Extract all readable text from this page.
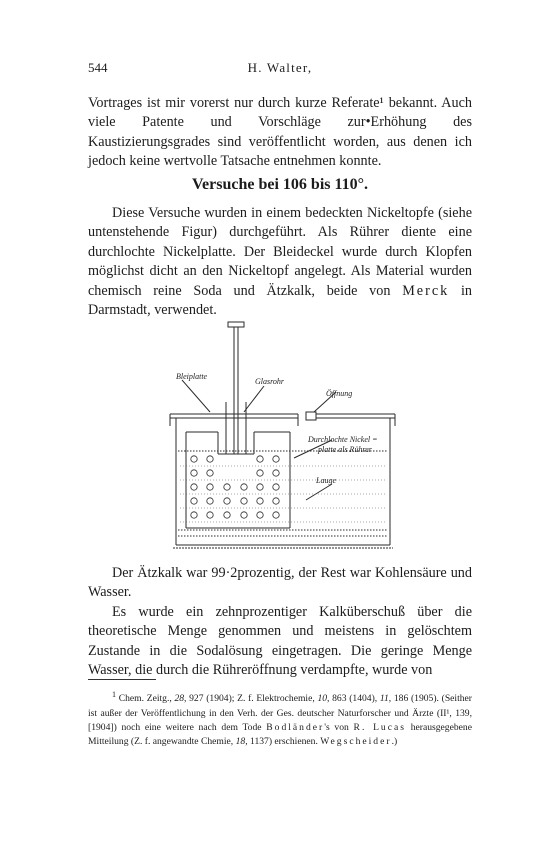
544	H. Walter,

Vortrages ist mir vorerst nur durch kurze Referate¹ bekannt. Auch viele Patente und Vorschläge zur•Erhöhung des Kaustizierungsgrades sind veröffentlicht worden, aus denen ich jedoch keine wertvolle Tatsache entnehmen konnte.

Versuche bei 106 bis 110°.

Diese Versuche wurden in einem bedeckten Nickeltopfe (siehe untenstehende Figur) durchgeführt. Als Rührer diente eine durchlochte Nickelplatte. Der Bleideckel wurde durch Klopfen möglichst dicht an den Nickeltopf angelegt. Als Material wurden chemisch reine Soda und Ätzkalk, beide von Merck in Darmstadt, verwendet.

Bleiplatte
Glasrohr
Öffnung
Durchlochte Nickel =
platte als Rührer
Lauge

Der Ätzkalk war 99·2prozentig, der Rest war Kohlensäure und Wasser.

Es wurde ein zehnprozentiger Kalküberschuß über die theoretische Menge genommen und meistens in gelöschtem Zustande in die Sodalösung eingetragen. Die geringe Menge Wasser, die durch die Rühreröffnung verdampfte, wurde von

$^1$ Chem. Zeitg., 28, 927 (1904); Z. f. Elektrochemie, 10, 863 (1404), 11, 186 (1905). (Seither ist außer der Veröffentlichung in den Verh. der Ges. deutscher Naturforscher und Ärzte (II¹, 139, [1904]) noch eine weitere nach dem Tode Bodländer's von R. Lucas herausgegebene Mitteilung (Z. f. angewandte Chemie, 18, 1137) erschienen. Wegscheider.)
